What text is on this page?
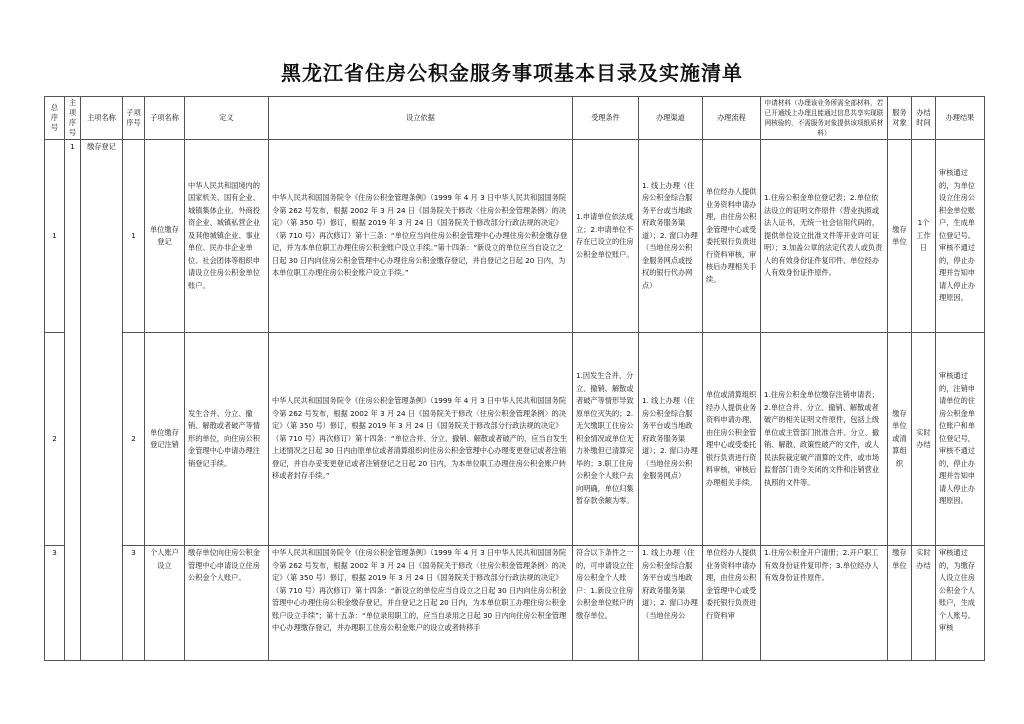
黑龙江省住房公积金服务事项基本目录及实施清单
总序号	主项序号	主项名称	子项序号	子项名称	定义	设立依据	受理条件	办理渠道	办理流程	申请材料（办理该业务所需全部材料，若已开通线上办理且能通过信息共享实现联网核验的，不需服务对象提供该项纸质材料）	服务对象	办结时间	办理结果
1	1	缴存登记	1	单位缴存登记	中华人民共和国境内的国家机关、国有企业、城镇集体企业、外商投资企业、城镇私营企业及其他城镇企业、事业单位、民办非企业单位、社会团体等组织申请设立住房公积金单位账户。	中华人民共和国国务院令《住房公积金管理条例》（1999 年 4 月 3 日中华人民共和国国务院令第 262 号发布，根据 2002 年 3 月 24 日《国务院关于修改〈住房公积金管理条例〉的决定》（第 350 号）修订，根据 2019 年 3 月 24 日《国务院关于修改部分行政法规的决定》（第 710 号）再次修订）第十三条：“单位应当向住房公积金管理中心办理住房公积金缴存登记，并为本单位职工办理住房公积金账户设立手续。”第十四条：“新设立的单位应当自设立之日起 30 日内向住房公积金管理中心办理住房公积金缴存登记，并自登记之日起 20 日内，为本单位职工办理住房公积金账户设立手续。”	1.申请单位依法成立；2.申请单位不存在已设立的住房公积金单位账户。	1. 线上办理（住房公积金综合服务平台或当地政府政务服务渠道）；2. 窗口办理（当地住房公积金服务网点或授权的银行代办网点）	单位经办人提供业务资料申请办理，由住房公积金管理中心或受委托银行负责进行资料审核，审核后办理相关手续。	1.住房公积金单位登记表；2.单位依法设立的证明文件原件（营业执照或法人证书，无统一社会信用代码的，提供单位设立批准文件等开业许可证明）；3.加盖公章的法定代表人或负责人的有效身份证件复印件、单位经办人有效身份证件原件。	缴存单位	1个工作日	审核通过的，为单位设立住房公积金单位账户，生成单位登记号。审核不通过的，停止办理并告知申请人停止办理原因。
2			2	单位缴存登记注销	发生合并、分立、撤销、解散或者破产等情形的单位，向住房公积金管理中心申请办理注销登记手续。	中华人民共和国国务院令《住房公积金管理条例》（1999 年 4 月 3 日中华人民共和国国务院令第 262 号发布，根据 2002 年 3 月 24 日《国务院关于修改〈住房公积金管理条例〉的决定》（第 350 号）修订，根据 2019 年 3 月 24 日《国务院关于修改部分行政法规的决定》（第 710 号）再次修订）第十四条：“单位合并、分立、撤销、解散或者破产的，应当自发生上述情况之日起 30 日内由原单位或者清算组织向住房公积金管理中心办理变更登记或者注销登记，并自办妥变更登记或者注销登记之日起 20 日内，为本单位职工办理住房公积金账户转移或者封存手续。”	1.因发生合并、分立、撤销、解散或者破产等情形导致原单位灭失的；2.无欠缴职工住房公积金情况或单位无力补缴但已清算完毕的；3.职工住房公积金个人账户去向明确，单位归集暂存款余额为零。	1. 线上办理（住房公积金综合服务平台或当地政府政务服务渠道）；2. 窗口办理（当地住房公积金服务网点）	单位或清算组织经办人提供业务资料申请办理，由住房公积金管理中心或受委托银行负责进行资料审核，审核后办理相关手续。	1.住房公积金单位缴存注销申请表；2.单位合并、分立、撤销、解散或者破产的相关证明文件原件，包括上级单位或主管部门批准合并、分立、撤销、解散、政策性破产的文件，或人民法院裁定破产清算的文件，或市场监督部门责令关闭的文件和注销营业执照的文件等。	缴存单位或清算组织	实时办结	审核通过的，注销申请单位的住房公积金单位账户和单位登记号，审核不通过的，停止办理并告知申请人停止办理原因。
3			3	个人账户设立	缴存单位向住房公积金管理中心申请设立住房公积金个人账户。	中华人民共和国国务院令《住房公积金管理条例》（1999 年 4 月 3 日中华人民共和国国务院令第 262 号发布，根据 2002 年 3 月 24 日《国务院关于修改〈住房公积金管理条例〉的决定》（第 350 号）修订，根据 2019 年 3 月 24 日《国务院关于修改部分行政法规的决定》（第 710 号）再次修订）第十四条：“新设立的单位应当自设立之日起 30 日内向住房公积金管理中心办理住房公积金缴存登记，并自登记之日起 20 日内，为本单位职工办理住房公积金账户设立手续”；第十五条：“单位录用职工的，应当自录用之日起 30 日内向住房公积金管理中心办理缴存登记，并办理职工住房公积金账户的设立或者转移手	符合以下条件之一的，可申请设立住房公积金个人账户：1.新设立住房公积金单位账户的缴存单位。	1. 线上办理（住房公积金综合服务平台或当地政府政务服务渠道）；2. 窗口办理（当地住房公	单位经办人提供业务资料申请办理，由住房公积金管理中心或受委托银行负责进行资料审	1.住房公积金开户清册；2.开户职工有效身份证件复印件；3.单位经办人有效身份证件原件。	缴存单位	实时办结	审核通过的，为缴存人设立住房公积金个人账户，生成个人账号。审核
